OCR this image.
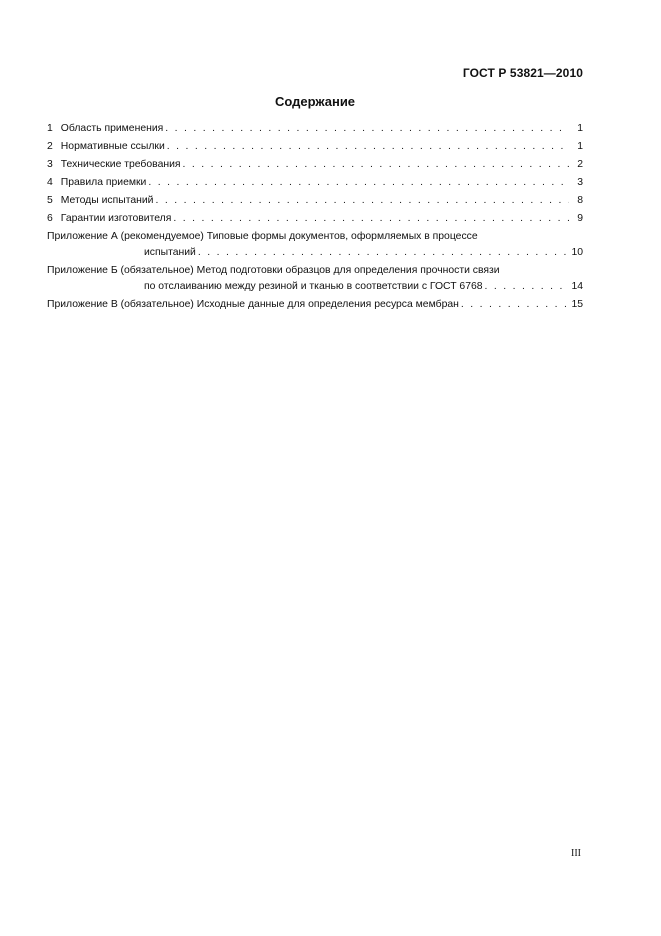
ГОСТ Р 53821—2010
Содержание
1 Область применения . . .	1
2 Нормативные ссылки . . .	1
3 Технические требования . . .	2
4 Правила приемки . . .	3
5 Методы испытаний . . .	8
6 Гарантии изготовителя . . .	9
Приложение А (рекомендуемое) Типовые формы документов, оформляемых в процессе
испытаний . . .	10
Приложение Б (обязательное) Метод подготовки образцов для определения прочности связи
по отслаиванию между резиной и тканью в соответствии с ГОСТ 6768 . . .	14
Приложение В (обязательное) Исходные данные для определения ресурса мембран . . .	15
III
